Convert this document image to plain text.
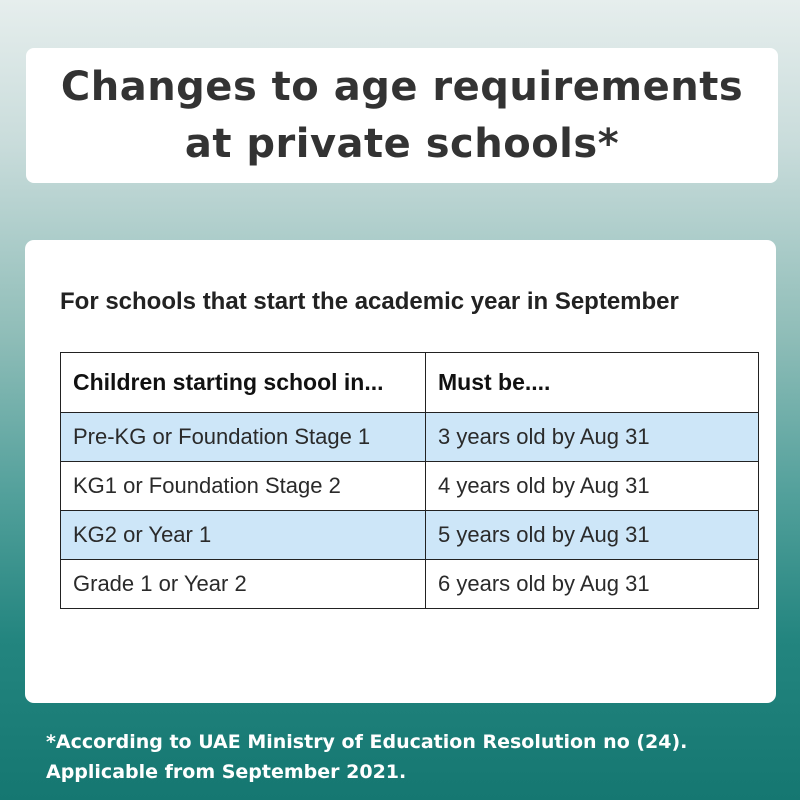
Changes to age requirements at private schools*
For schools that start the academic year in September
Children starting school in...	Must be....
Pre-KG or Foundation Stage 1	3 years old by Aug 31
KG1 or Foundation Stage 2	4 years old by Aug 31
KG2 or Year 1	5 years old by Aug 31
Grade 1 or Year 2	6 years old by Aug 31
*According to UAE Ministry of Education Resolution no (24).
Applicable from September 2021.
